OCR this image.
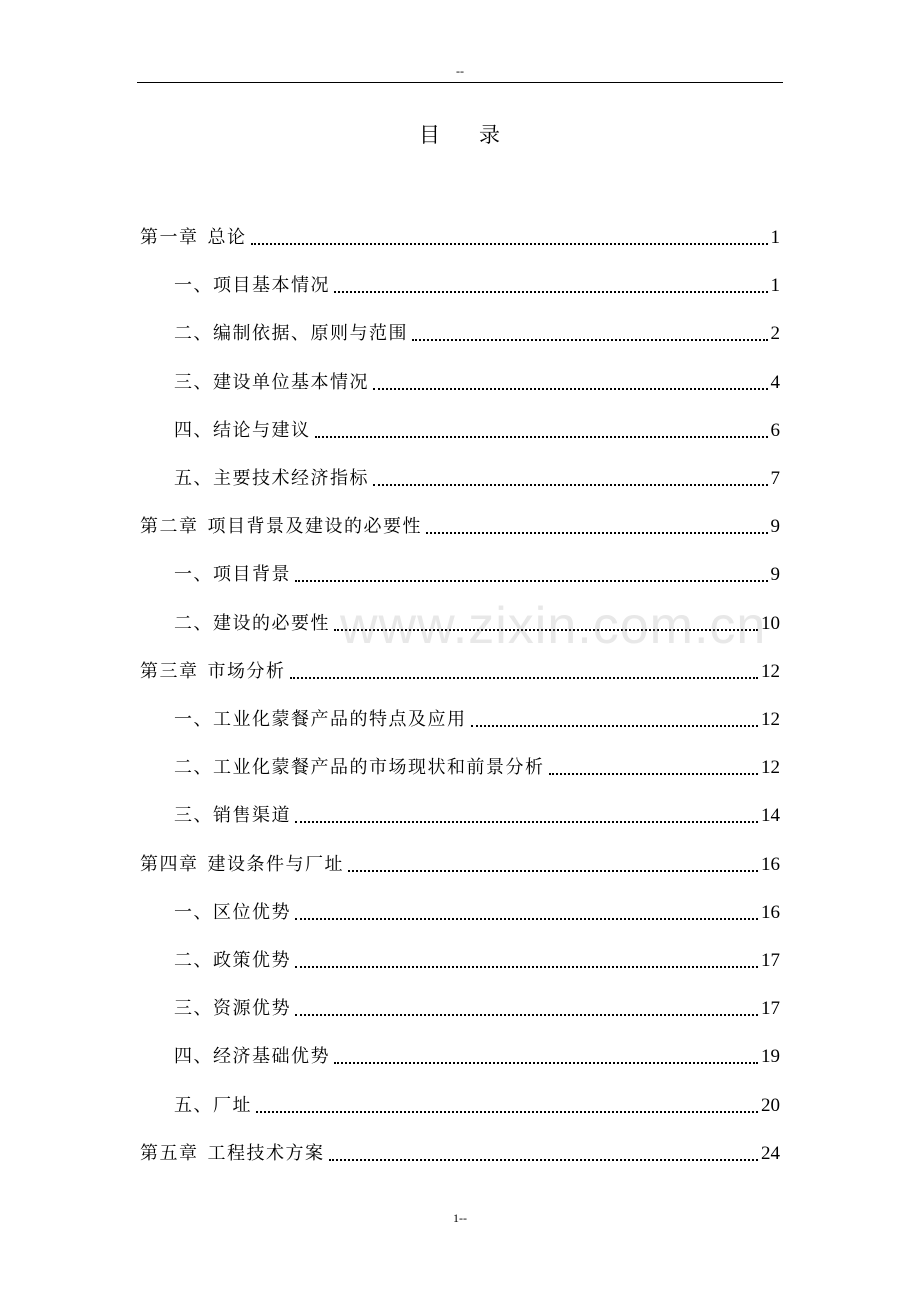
--
目 录
第一章 总论	1
一、项目基本情况	1
二、编制依据、原则与范围	2
三、建设单位基本情况	4
四、结论与建议	6
五、主要技术经济指标	7
第二章 项目背景及建设的必要性	9
一、项目背景	9
二、建设的必要性	10
第三章 市场分析	12
一、工业化蒙餐产品的特点及应用	12
二、工业化蒙餐产品的市场现状和前景分析	12
三、销售渠道	14
第四章 建设条件与厂址	16
一、区位优势	16
二、政策优势	17
三、资源优势	17
四、经济基础优势	19
五、厂址	20
第五章 工程技术方案	24
www.zixin.com.cn
1--
